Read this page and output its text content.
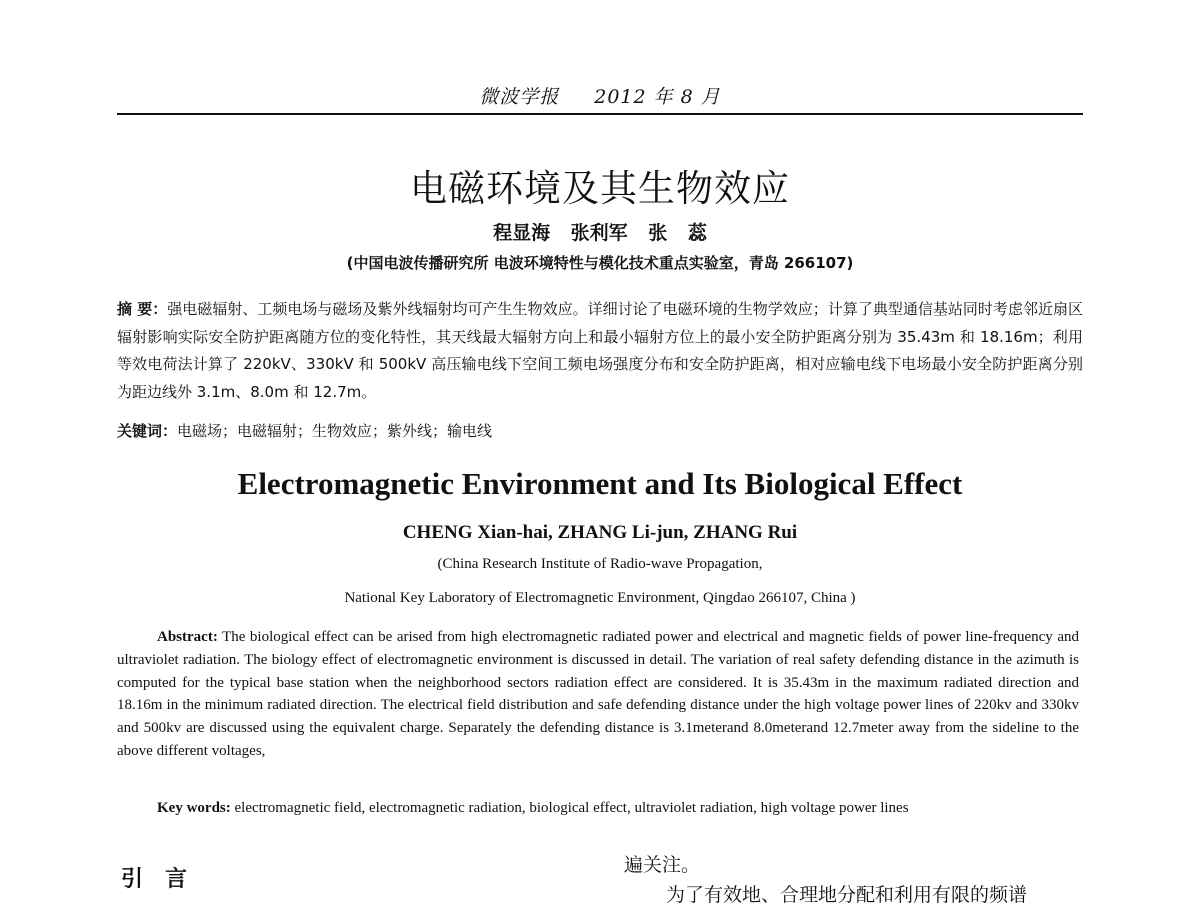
微波学报 2012 年 8 月
电磁环境及其生物效应
程显海 张利军 张 蕊
(中国电波传播研究所 电波环境特性与模化技术重点实验室，青岛 266107)
摘 要：强电磁辐射、工频电场与磁场及紫外线辐射均可产生生物效应。详细讨论了电磁环境的生物学效应；计算了典型通信基站同时考虑邻近扇区辐射影响实际安全防护距离随方位的变化特性，其天线最大辐射方向上和最小辐射方位上的最小安全防护距离分别为 35.43m 和 18.16m；利用等效电荷法计算了 220kV、330kV 和 500kV 高压输电线下空间工频电场强度分布和安全防护距离，相对应输电线下电场最小安全防护距离分别为距边线外 3.1m、8.0m 和 12.7m。
关键词：电磁场；电磁辐射；生物效应；紫外线；输电线
Electromagnetic Environment and Its Biological Effect
CHENG Xian-hai, ZHANG Li-jun, ZHANG Rui
(China Research Institute of Radio-wave Propagation,
National Key Laboratory of Electromagnetic Environment, Qingdao 266107, China )
Abstract: The biological effect can be arised from high electromagnetic radiated power and electrical and magnetic fields of power line-frequency and ultraviolet radiation. The biology effect of electromagnetic environment is discussed in detail. The variation of real safety defending distance in the azimuth is computed for the typical base station when the neighborhood sectors radiation effect are considered. It is 35.43m in the maximum radiated direction and 18.16m in the minimum radiated direction. The electrical field distribution and safe defending distance under the high voltage power lines of 220kv and 330kv and 500kv are discussed using the equivalent charge. Separately the defending distance is 3.1meterand 8.0meterand 12.7meter away from the sideline to the above different voltages,
Key words: electromagnetic field, electromagnetic radiation, biological effect, ultraviolet radiation, high voltage power lines
引言
遍关注。
为了有效地、合理地分配和利用有限的频谱
